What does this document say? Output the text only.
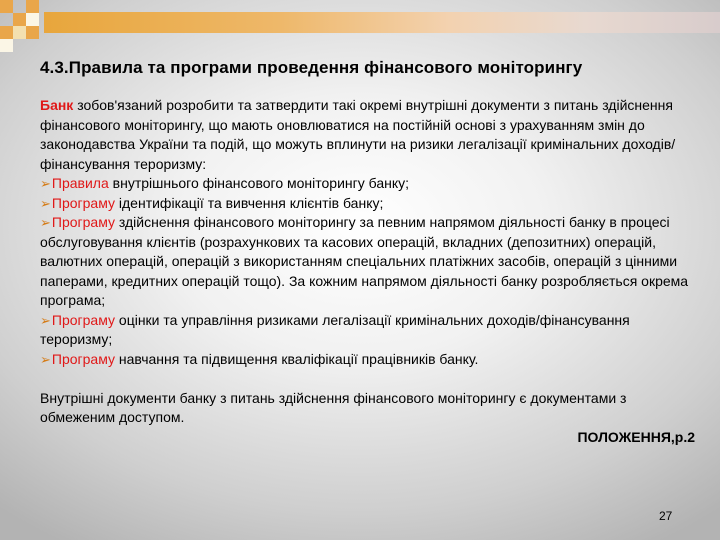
4.3.Правила та програми проведення фінансового моніторингу

Банк зобов'язаний розробити та затвердити такі окремі внутрішні документи з питань здійснення фінансового моніторингу, що мають оновлюватися на постійній основі з урахуванням змін до законодавства України та подій, що можуть вплинути на ризики легалізації кримінальних доходів/фінансування тероризму:

➢Правила внутрішнього фінансового моніторингу банку;

➢Програму ідентифікації та вивчення клієнтів банку;

➢Програму здійснення фінансового моніторингу за певним напрямом діяльності банку в процесі обслуговування клієнтів (розрахункових та касових операцій, вкладних (депозитних) операцій, валютних операцій, операцій з використанням спеціальних платіжних засобів, операцій з цінними паперами, кредитних операцій тощо). За кожним напрямом діяльності банку розробляється окрема програма;

➢Програму оцінки та управління ризиками легалізації кримінальних доходів/фінансування тероризму;

➢Програму навчання та підвищення кваліфікації працівників банку.

Внутрішні документи банку з питань здійснення фінансового моніторингу є документами з обмеженим доступом.

ПОЛОЖЕННЯ,р.2

27
